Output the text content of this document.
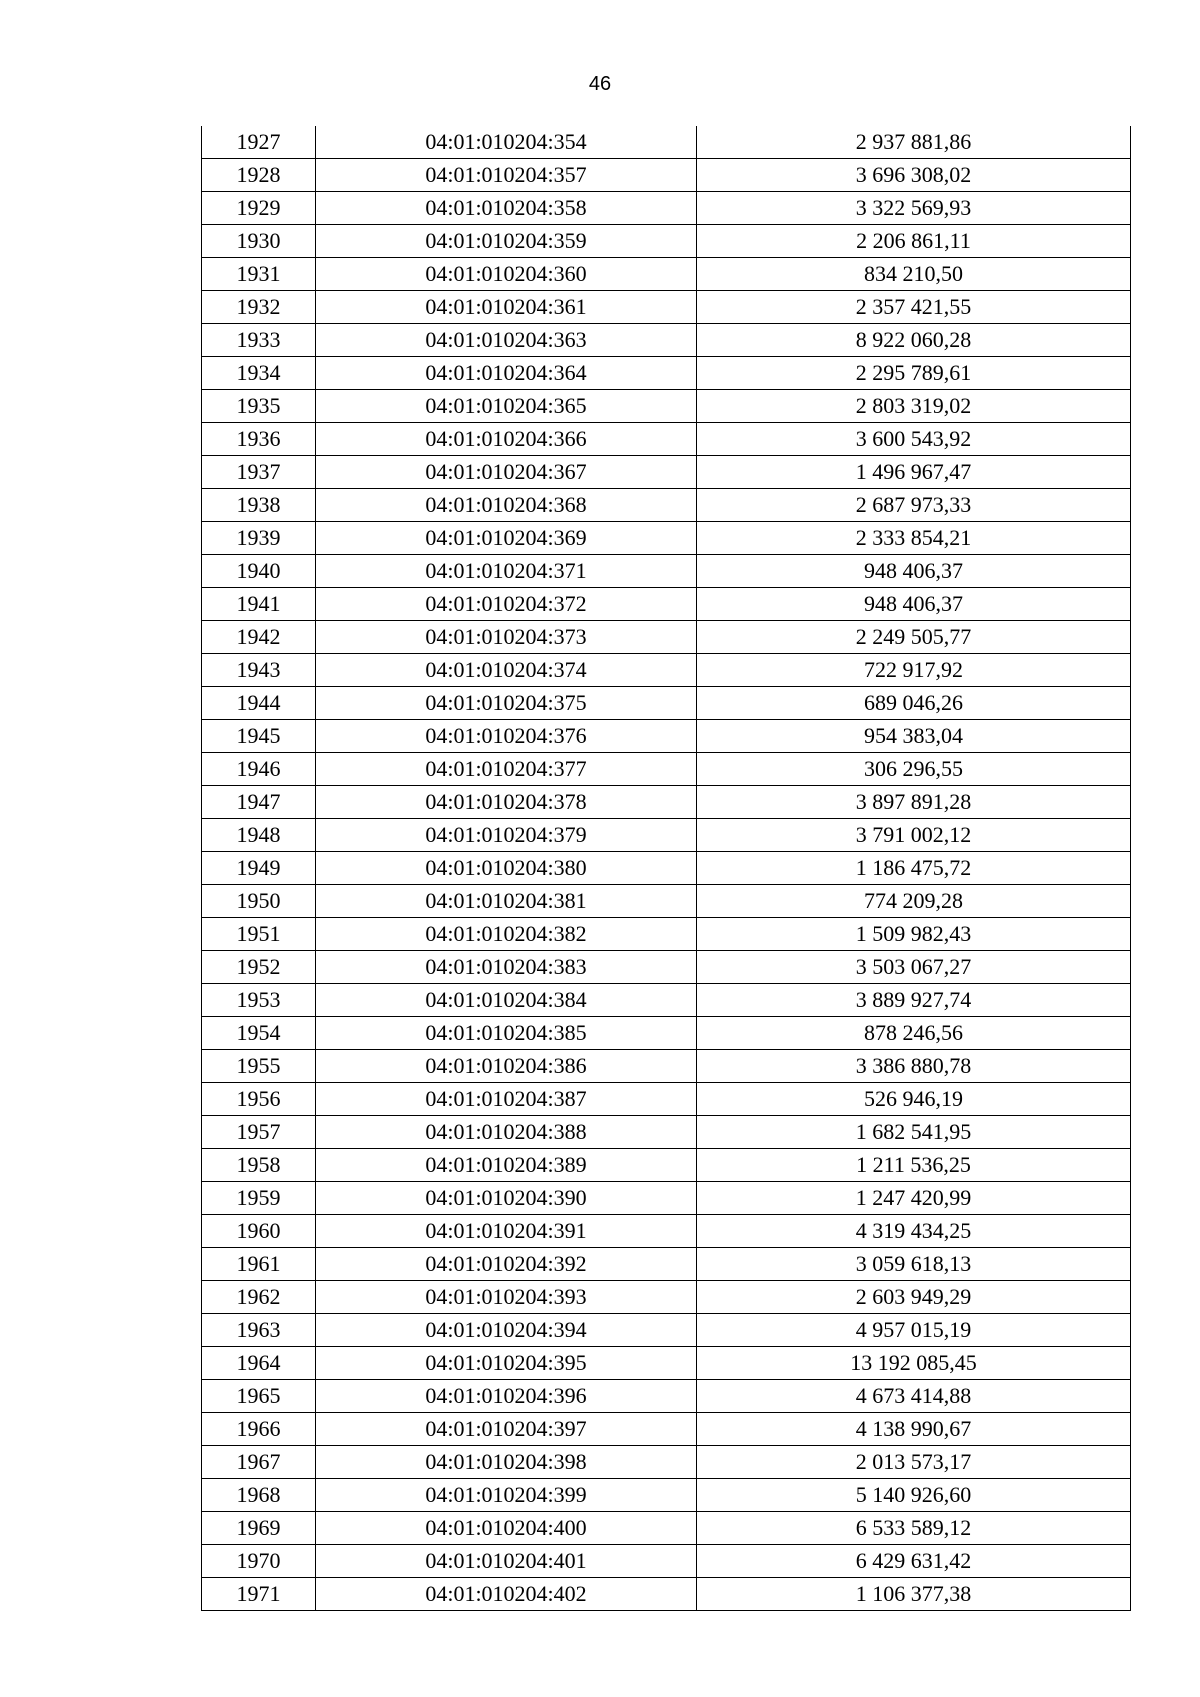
46
1927	04:01:010204:354	2 937 881,86
1928	04:01:010204:357	3 696 308,02
1929	04:01:010204:358	3 322 569,93
1930	04:01:010204:359	2 206 861,11
1931	04:01:010204:360	834 210,50
1932	04:01:010204:361	2 357 421,55
1933	04:01:010204:363	8 922 060,28
1934	04:01:010204:364	2 295 789,61
1935	04:01:010204:365	2 803 319,02
1936	04:01:010204:366	3 600 543,92
1937	04:01:010204:367	1 496 967,47
1938	04:01:010204:368	2 687 973,33
1939	04:01:010204:369	2 333 854,21
1940	04:01:010204:371	948 406,37
1941	04:01:010204:372	948 406,37
1942	04:01:010204:373	2 249 505,77
1943	04:01:010204:374	722 917,92
1944	04:01:010204:375	689 046,26
1945	04:01:010204:376	954 383,04
1946	04:01:010204:377	306 296,55
1947	04:01:010204:378	3 897 891,28
1948	04:01:010204:379	3 791 002,12
1949	04:01:010204:380	1 186 475,72
1950	04:01:010204:381	774 209,28
1951	04:01:010204:382	1 509 982,43
1952	04:01:010204:383	3 503 067,27
1953	04:01:010204:384	3 889 927,74
1954	04:01:010204:385	878 246,56
1955	04:01:010204:386	3 386 880,78
1956	04:01:010204:387	526 946,19
1957	04:01:010204:388	1 682 541,95
1958	04:01:010204:389	1 211 536,25
1959	04:01:010204:390	1 247 420,99
1960	04:01:010204:391	4 319 434,25
1961	04:01:010204:392	3 059 618,13
1962	04:01:010204:393	2 603 949,29
1963	04:01:010204:394	4 957 015,19
1964	04:01:010204:395	13 192 085,45
1965	04:01:010204:396	4 673 414,88
1966	04:01:010204:397	4 138 990,67
1967	04:01:010204:398	2 013 573,17
1968	04:01:010204:399	5 140 926,60
1969	04:01:010204:400	6 533 589,12
1970	04:01:010204:401	6 429 631,42
1971	04:01:010204:402	1 106 377,38
